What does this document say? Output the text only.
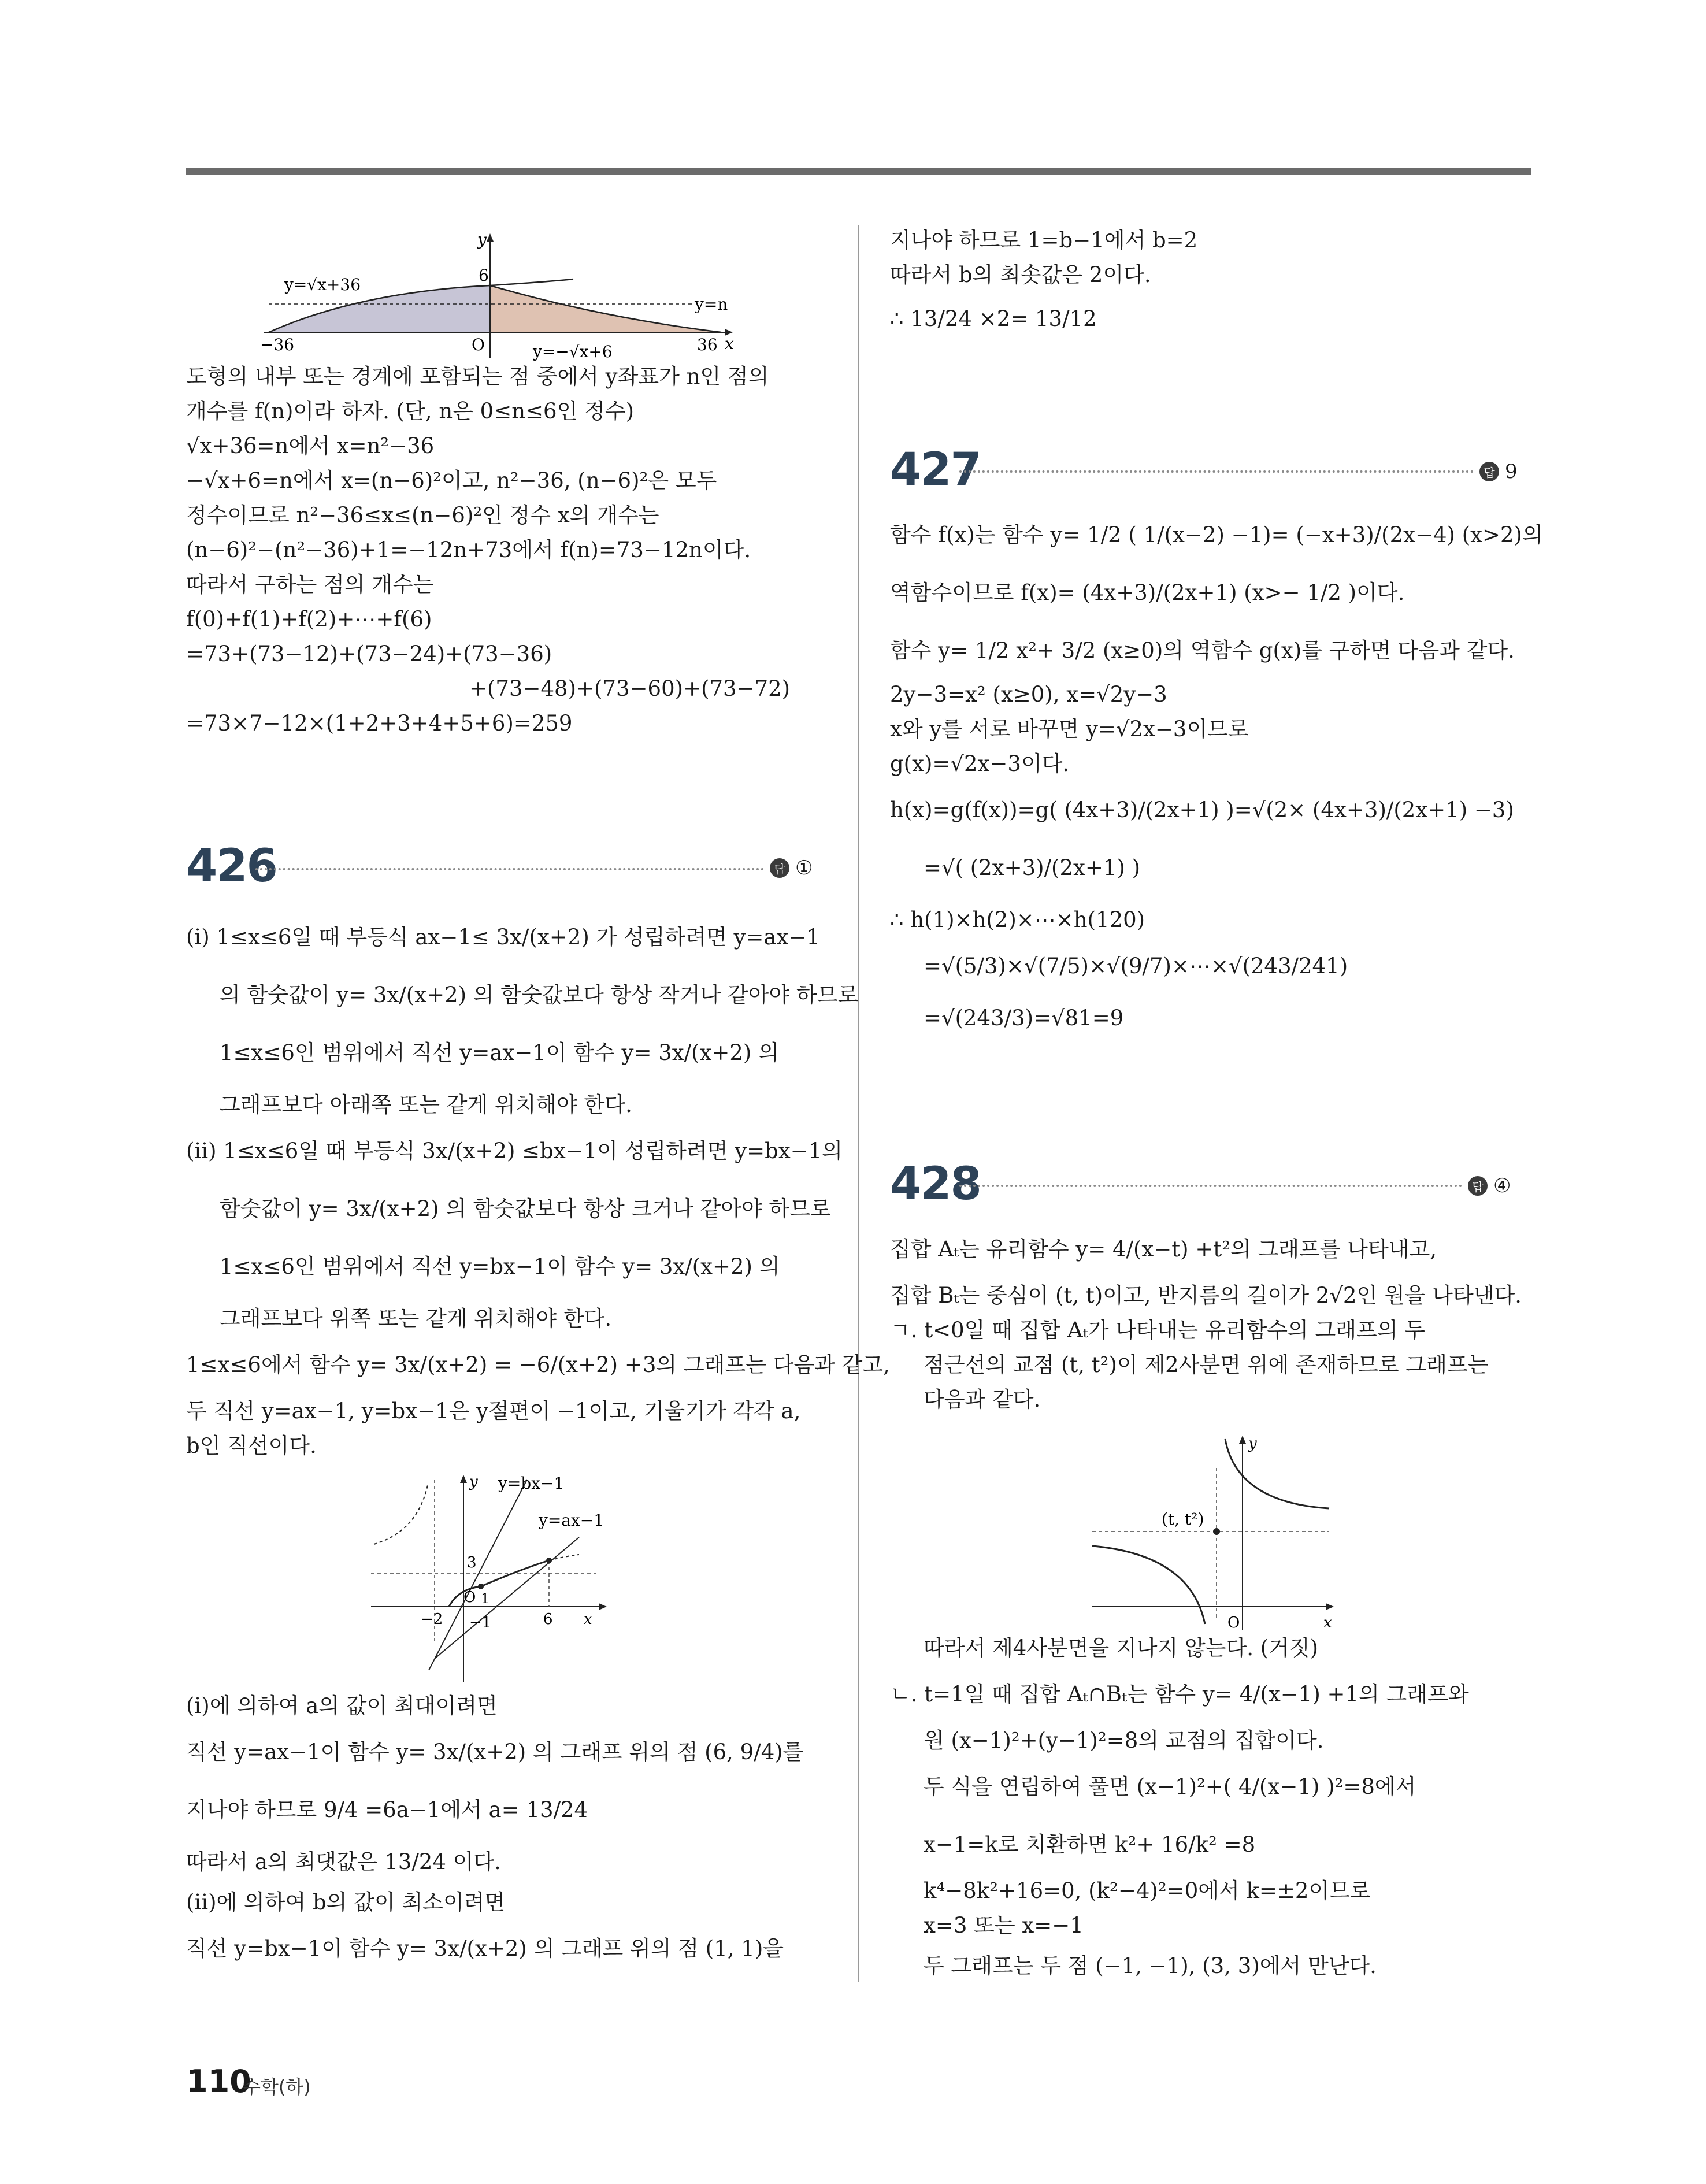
y
6
y=√x+36
y=n
y=−√x+6
−36	O	36 x
도형의 내부 또는 경계에 포함되는 점 중에서 y좌표가 n인 점의
개수를 f(n)이라 하자. (단, n은 0≤n≤6인 정수)
√x+36=n에서 x=n²−36
−√x+6=n에서 x=(n−6)²이고, n²−36, (n−6)²은 모두
정수이므로 n²−36≤x≤(n−6)²인 정수 x의 개수는
(n−6)²−(n²−36)+1=−12n+73에서 f(n)=73−12n이다.
따라서 구하는 점의 개수는
f(0)+f(1)+f(2)+⋯+f(6)
=73+(73−12)+(73−24)+(73−36)
+(73−48)+(73−60)+(73−72)
=73×7−12×(1+2+3+4+5+6)=259
426	답 ①
(i) 1≤x≤6일 때 부등식 ax−1≤ 3x/(x+2) 가 성립하려면 y=ax−1
의 함숫값이 y= 3x/(x+2) 의 함숫값보다 항상 작거나 같아야 하므로
1≤x≤6인 범위에서 직선 y=ax−1이 함수 y= 3x/(x+2) 의
그래프보다 아래쪽 또는 같게 위치해야 한다.
(ii) 1≤x≤6일 때 부등식 3x/(x+2) ≤bx−1이 성립하려면 y=bx−1의
함숫값이 y= 3x/(x+2) 의 함숫값보다 항상 크거나 같아야 하므로
1≤x≤6인 범위에서 직선 y=bx−1이 함수 y= 3x/(x+2) 의
그래프보다 위쪽 또는 같게 위치해야 한다.
1≤x≤6에서 함수 y= 3x/(x+2) = −6/(x+2) +3의 그래프는 다음과 같고,
두 직선 y=ax−1, y=bx−1은 y절편이 −1이고, 기울기가 각각 a,
b인 직선이다.
y y=bx−1
y=ax−1
3
O 1
−2 −1	6 x
(i)에 의하여 a의 값이 최대이려면
직선 y=ax−1이 함수 y= 3x/(x+2) 의 그래프 위의 점 (6, 9/4)를
지나야 하므로 9/4 =6a−1에서 a= 13/24
따라서 a의 최댓값은 13/24 이다.
(ii)에 의하여 b의 값이 최소이려면
직선 y=bx−1이 함수 y= 3x/(x+2) 의 그래프 위의 점 (1, 1)을
지나야 하므로 1=b−1에서 b=2
따라서 b의 최솟값은 2이다.
∴ 13/24 ×2= 13/12
427	답 9
함수 f(x)는 함수 y= 1/2 ( 1/(x−2) −1)= (−x+3)/(2x−4) (x>2)의
역함수이므로 f(x)= (4x+3)/(2x+1) (x>− 1/2 )이다.
함수 y= 1/2 x²+ 3/2 (x≥0)의 역함수 g(x)를 구하면 다음과 같다.
2y−3=x² (x≥0), x=√2y−3
x와 y를 서로 바꾸면 y=√2x−3이므로
g(x)=√2x−3이다.
h(x)=g(f(x))=g( (4x+3)/(2x+1) )=√(2× (4x+3)/(2x+1) −3)
=√( (2x+3)/(2x+1) )
∴ h(1)×h(2)×⋯×h(120)
=√(5/3)×√(7/5)×√(9/7)×⋯×√(243/241)
=√(243/3)=√81=9
428	답 ④
집합 Aₜ는 유리함수 y= 4/(x−t) +t²의 그래프를 나타내고,
집합 Bₜ는 중심이 (t, t)이고, 반지름의 길이가 2√2인 원을 나타낸다.
ㄱ. t<0일 때 집합 Aₜ가 나타내는 유리함수의 그래프의 두
점근선의 교점 (t, t²)이 제2사분면 위에 존재하므로 그래프는
다음과 같다.
(t, t²)
y
O	x
따라서 제4사분면을 지나지 않는다. (거짓)
ㄴ. t=1일 때 집합 Aₜ∩Bₜ는 함수 y= 4/(x−1) +1의 그래프와
원 (x−1)²+(y−1)²=8의 교점의 집합이다.
두 식을 연립하여 풀면 (x−1)²+( 4/(x−1) )²=8에서
x−1=k로 치환하면 k²+ 16/k² =8
k⁴−8k²+16=0, (k²−4)²=0에서 k=±2이므로
x=3 또는 x=−1
두 그래프는 두 점 (−1, −1), (3, 3)에서 만난다.
110
수학(하)
